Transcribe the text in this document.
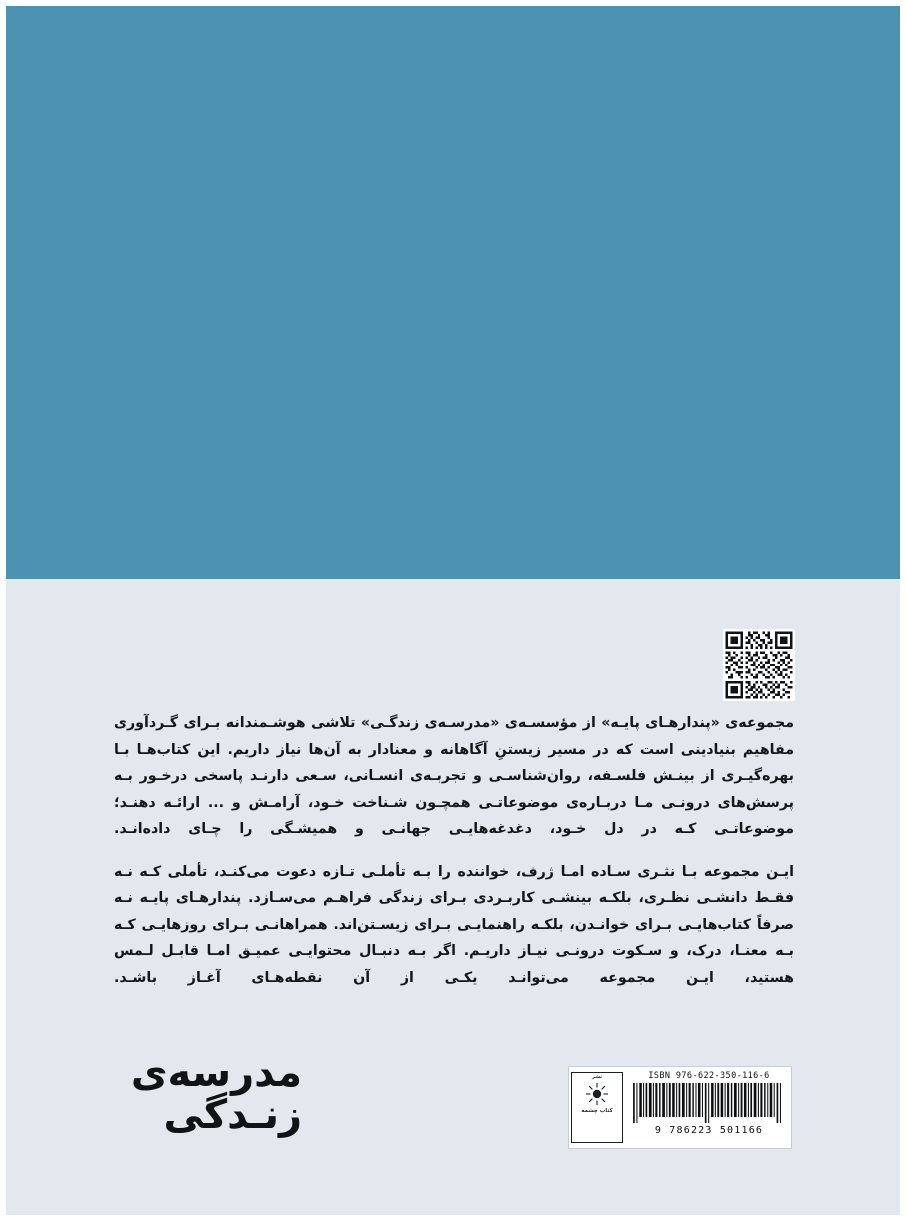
مجموعه‌ی «پندارهـای پایـه» از مؤسسـه‌ی «مدرسـه‌ی زندگـی» تلاشی هوشـمندانه بـرای گـردآوری مفاهیم بنیادینی است که در مسیر زیستنِ آگاهانه و معنادار به آن‌ها نیاز داریم. این کتاب‌هـا بـا بهره‌گیـری از بینـش فلسـفه، روان‌شناسـی و تجربـه‌ی انسـانی، سـعی دارنـد پاسخی درخـور بـه پرسش‌های درونـی مـا دربـاره‌ی موضوعاتـی همچـون شـناخت خـود، آرامـش و ... ارائـه دهنـد؛ موضوعاتـی کـه در دل خـود، دغدغه‌هایـی جهانـی و همیشـگی را چـای داده‌انـد.

ایـن مجموعه بـا نثـری سـاده امـا ژرف، خواننده را بـه تأملـی تـازه دعوت می‌کنـد، تأملی کـه نـه فقـط دانشـی نظـری، بلکـه بینشـی کاربـردی بـرای زندگی فراهـم می‌سـازد. پندارهـای پایـه نـه صرفاً کتاب‌هایـی بـرای خوانـدن، بلکـه راهنمایـی بـرای زیسـتن‌اند. همراهانـی بـرای روزهایـی کـه بـه معنـا، درک، و سـکوت درونـی نیـاز داریـم. اگر بـه دنبـال محتوایـی عمیـق امـا قابـل لـمس هستید، ایـن مجموعه می‌توانـد یکـی از آن نقطه‌هـای آغـاز باشـد.

مدرسه‌ی
زنـدگی
نشر
کتاب چشمه
ISBN 976-622-350-116-6
9 786223 501166
